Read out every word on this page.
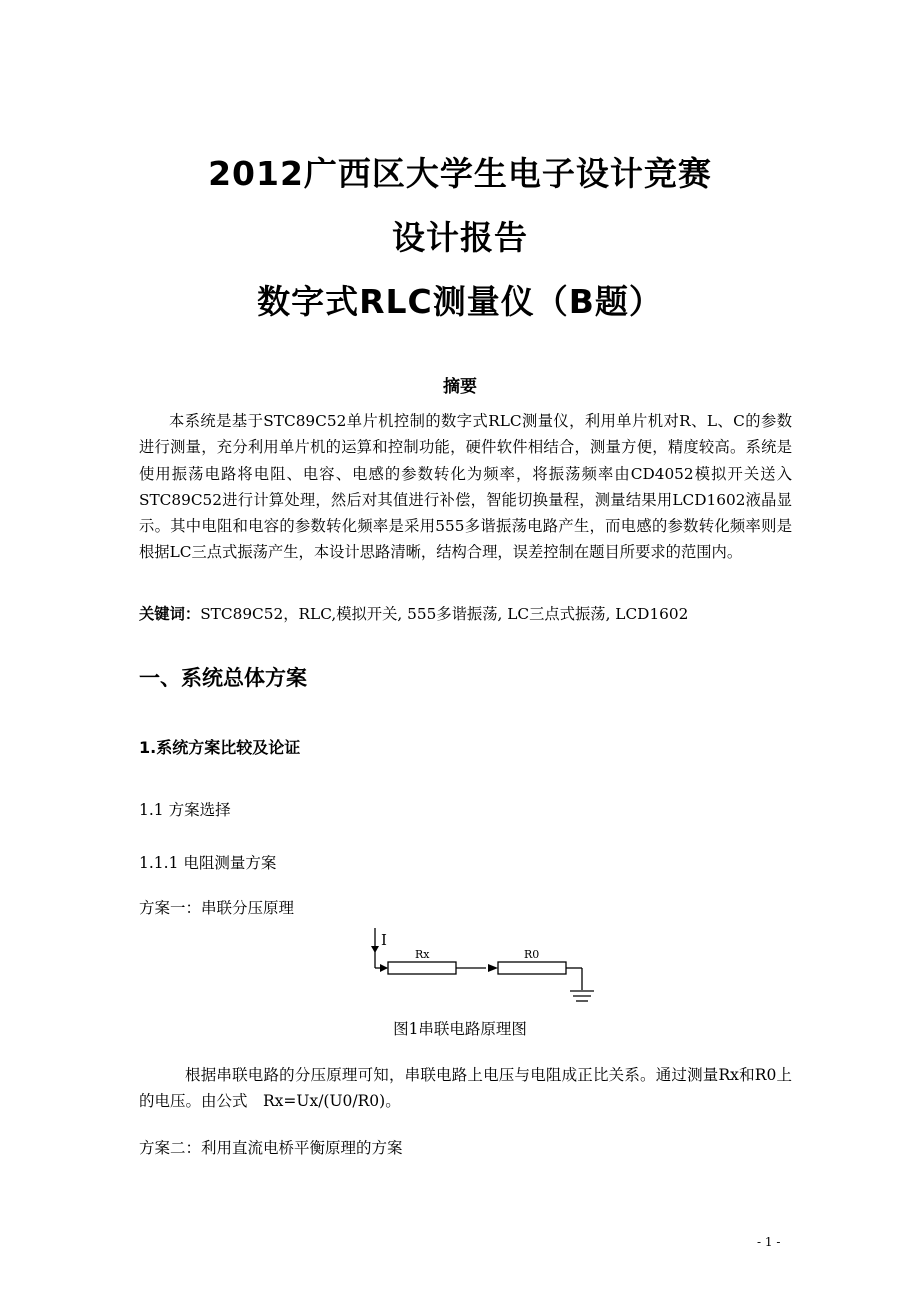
2012广西区大学生电子设计竞赛
设计报告
数字式RLC测量仪（B题）
摘要
本系统是基于STC89C52单片机控制的数字式RLC测量仪，利用单片机对R、L、C的参数进行测量，充分利用单片机的运算和控制功能，硬件软件相结合，测量方便，精度较高。系统是使用振荡电路将电阻、电容、电感的参数转化为频率，将振荡频率由CD4052模拟开关送入STC89C52进行计算处理，然后对其值进行补偿，智能切换量程，测量结果用LCD1602液晶显示。其中电阻和电容的参数转化频率是采用555多谐振荡电路产生，而电感的参数转化频率则是根据LC三点式振荡产生，本设计思路清晰，结构合理，误差控制在题目所要求的范围内。
关键词：STC89C52，RLC,模拟开关, 555多谐振荡, LC三点式振荡, LCD1602
一、系统总体方案
1.系统方案比较及论证
1.1 方案选择
1.1.1 电阻测量方案
方案一：串联分压原理
I
Rx	R0
图1串联电路原理图
根据串联电路的分压原理可知，串联电路上电压与电阻成正比关系。通过测量Rx和R0上的电压。由公式　Rx=Ux/(U0/R0)。
方案二：利用直流电桥平衡原理的方案
- 1 -
